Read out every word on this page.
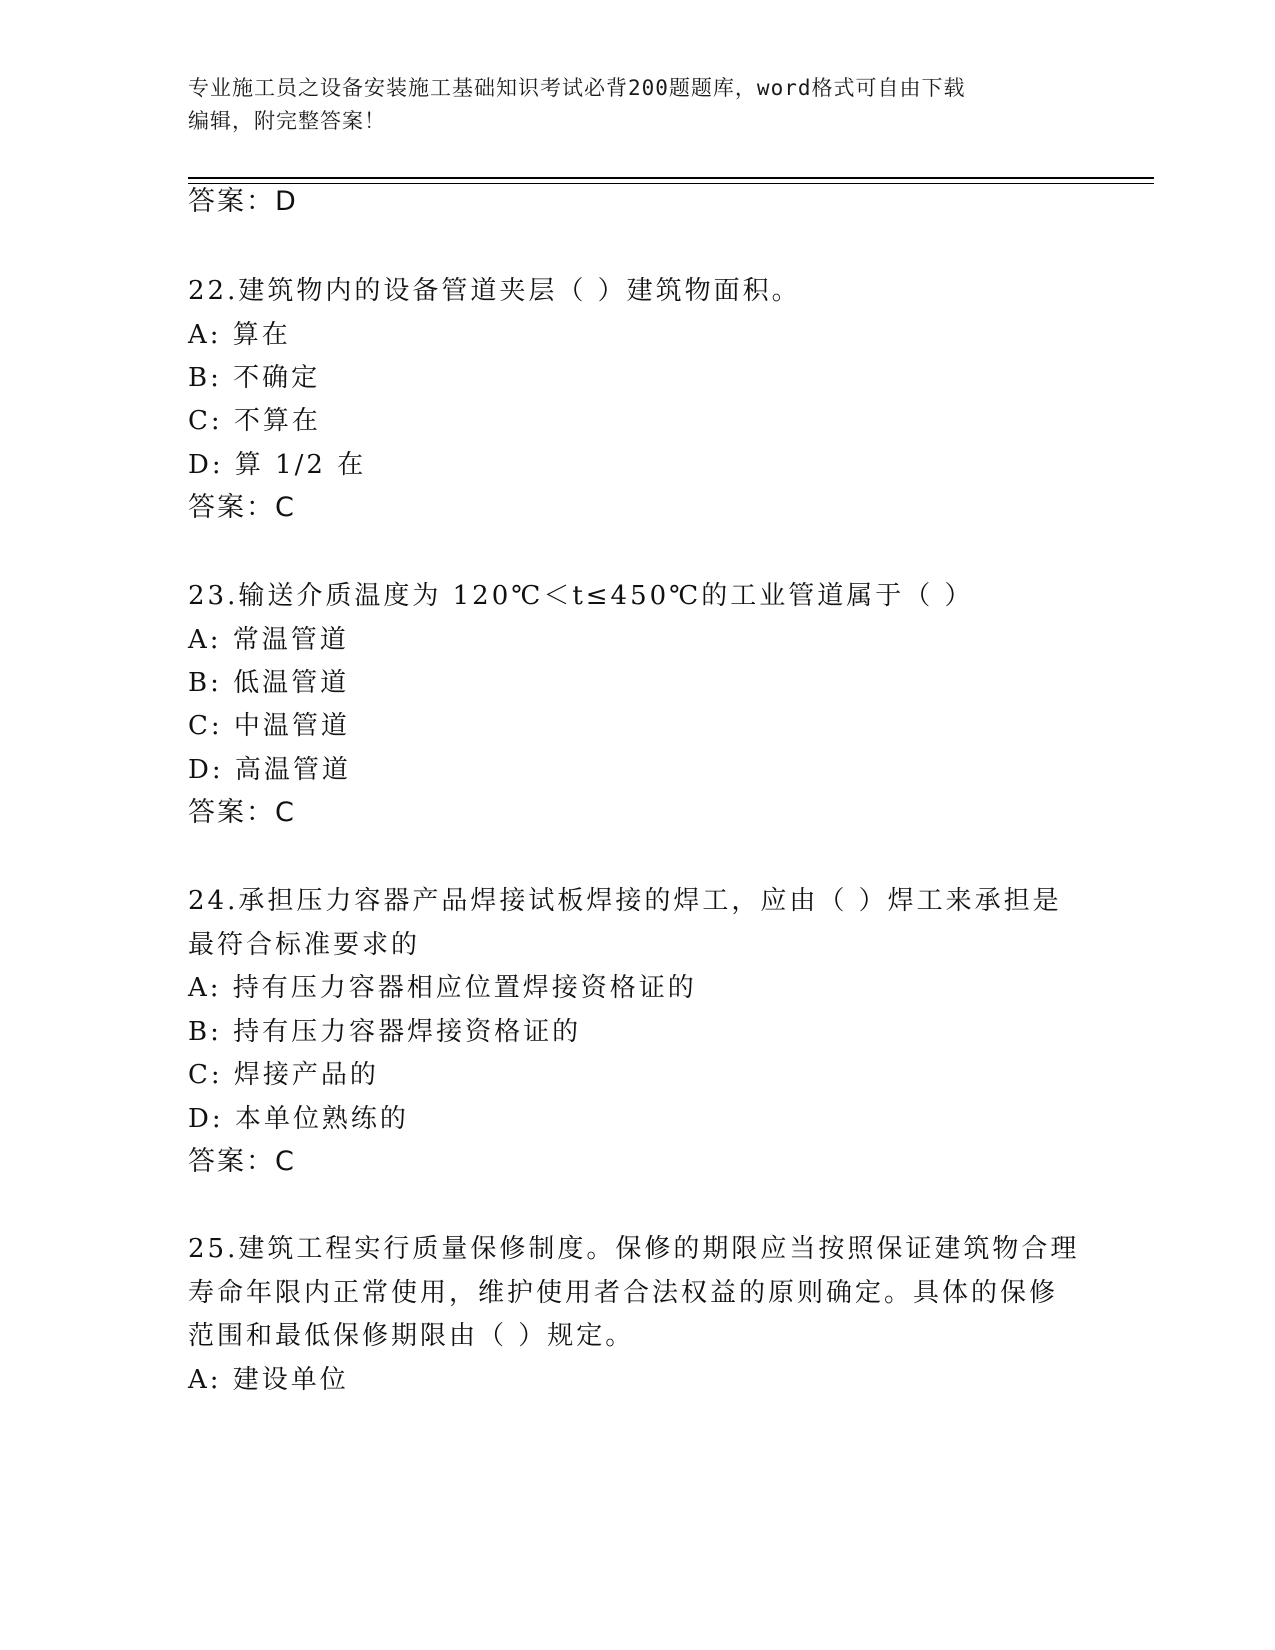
专业施工员之设备安装施工基础知识考试必背200题题库，word格式可自由下载
编辑，附完整答案！
答案：D
22.建筑物内的设备管道夹层（ ）建筑物面积。
A: 算在
B: 不确定
C: 不算在
D: 算 1/2 在
答案：C
23.输送介质温度为 120℃＜t≤450℃的工业管道属于（ ）
A: 常温管道
B: 低温管道
C: 中温管道
D: 高温管道
答案：C
24.承担压力容器产品焊接试板焊接的焊工，应由（ ）焊工来承担是
最符合标准要求的
A: 持有压力容器相应位置焊接资格证的
B: 持有压力容器焊接资格证的
C: 焊接产品的
D: 本单位熟练的
答案：C
25.建筑工程实行质量保修制度。保修的期限应当按照保证建筑物合理
寿命年限内正常使用，维护使用者合法权益的原则确定。具体的保修
范围和最低保修期限由（ ）规定。
A: 建设单位
